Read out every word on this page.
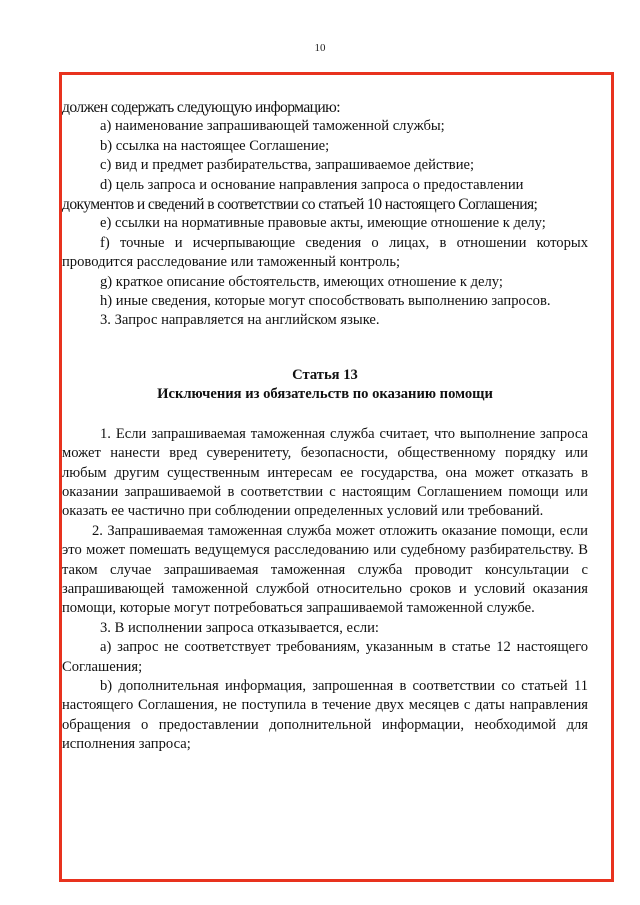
10

должен содержать следующую информацию:

a) наименование запрашивающей таможенной службы;

b) ссылка на настоящее Соглашение;

c) вид и предмет разбирательства, запрашиваемое действие;

d) цель запроса и основание направления запроса о предоставлении

документов и сведений в соответствии со статьей 10 настоящего Соглашения;

e) ссылки на нормативные правовые акты, имеющие отношение к делу;

f) точные и исчерпывающие сведения о лицах, в отношении которых проводится расследование или таможенный контроль;

g) краткое описание обстоятельств, имеющих отношение к делу;

h) иные сведения, которые могут способствовать выполнению запросов.

3. Запрос направляется на английском языке.

Статья 13

Исключения из обязательств по оказанию помощи

1. Если запрашиваемая таможенная служба считает, что выполнение запроса может нанести вред суверенитету, безопасности, общественному порядку или любым другим существенным интересам ее государства, она может отказать в оказании запрашиваемой в соответствии с настоящим Соглашением помощи или оказать ее частично при соблюдении определенных условий или требований.

2. Запрашиваемая таможенная служба может отложить оказание помощи, если это может помешать ведущемуся расследованию или судебному разбирательству. В таком случае запрашиваемая таможенная служба проводит консультации с запрашивающей таможенной службой относительно сроков и условий оказания помощи, которые могут потребоваться запрашиваемой таможенной службе.

3. В исполнении запроса отказывается, если:

a) запрос не соответствует требованиям, указанным в статье 12 настоящего Соглашения;

b) дополнительная информация, запрошенная в соответствии со статьей 11 настоящего Соглашения, не поступила в течение двух месяцев с даты направления обращения о предоставлении дополнительной информации, необходимой для исполнения запроса;
